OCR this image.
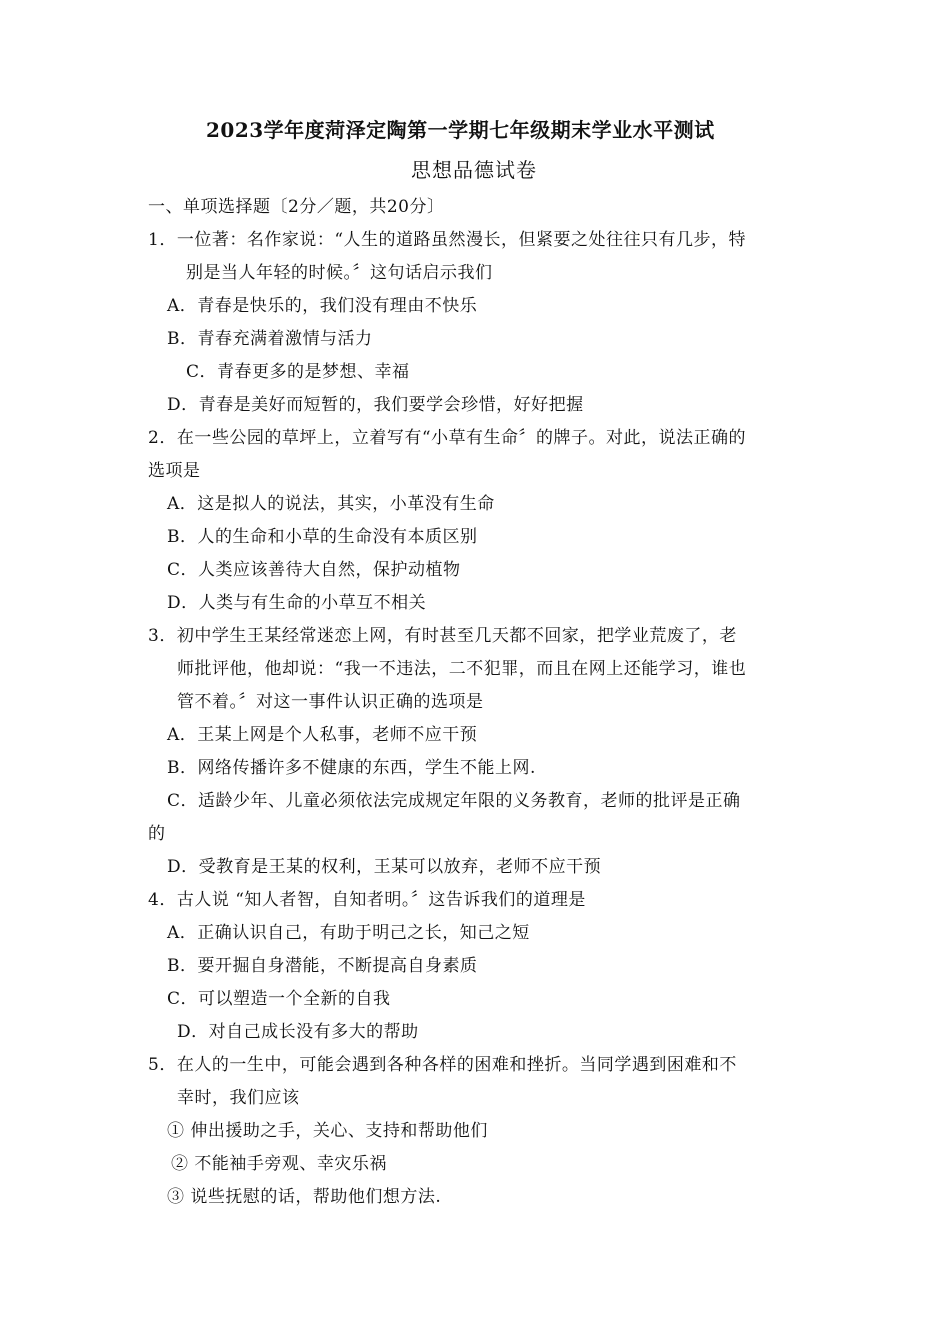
2023学年度菏泽定陶第一学期七年级期末学业水平测试
思想品德试卷
一、单项选择题〔2分／题，共20分〕
1．一位著：名作家说：“人生的道路虽然漫长，但紧要之处往往只有几步，特
别是当人年轻的时候。〞这句话启示我们
A．青春是快乐的，我们没有理由不快乐
B．青春充满着激情与活力
C．青春更多的是梦想、幸福
D．青春是美好而短暂的，我们要学会珍惜，好好把握
2．在一些公园的草坪上，立着写有“小草有生命〞的牌子。对此，说法正确的
选项是
A．这是拟人的说法，其实，小革没有生命
B．人的生命和小草的生命没有本质区别
C．人类应该善待大自然，保护动植物
D．人类与有生命的小草互不相关
3．初中学生王某经常迷恋上网，有时甚至几天都不回家，把学业荒废了，老
师批评他，他却说：“我一不违法，二不犯罪，而且在网上还能学习，谁也
管不着。〞对这一事件认识正确的选项是
A．王某上网是个人私事，老师不应干预
B．网络传播许多不健康的东西，学生不能上网.
C．适龄少年、儿童必须依法完成规定年限的义务教育，老师的批评是正确
的
D．受教育是王某的权利，王某可以放弃，老师不应干预
4．古人说 “知人者智，自知者明。〞这告诉我们的道理是
A．正确认识自己，有助于明己之长，知己之短
B．要开掘自身潜能，不断提高自身素质
C．可以塑造一个全新的自我
D．对自己成长没有多大的帮助
5．在人的一生中，可能会遇到各种各样的困难和挫折。当同学遇到困难和不
幸时，我们应该
① 伸出援助之手，关心、支持和帮助他们
② 不能袖手旁观、幸灾乐祸
③ 说些抚慰的话，帮助他们想方法.
